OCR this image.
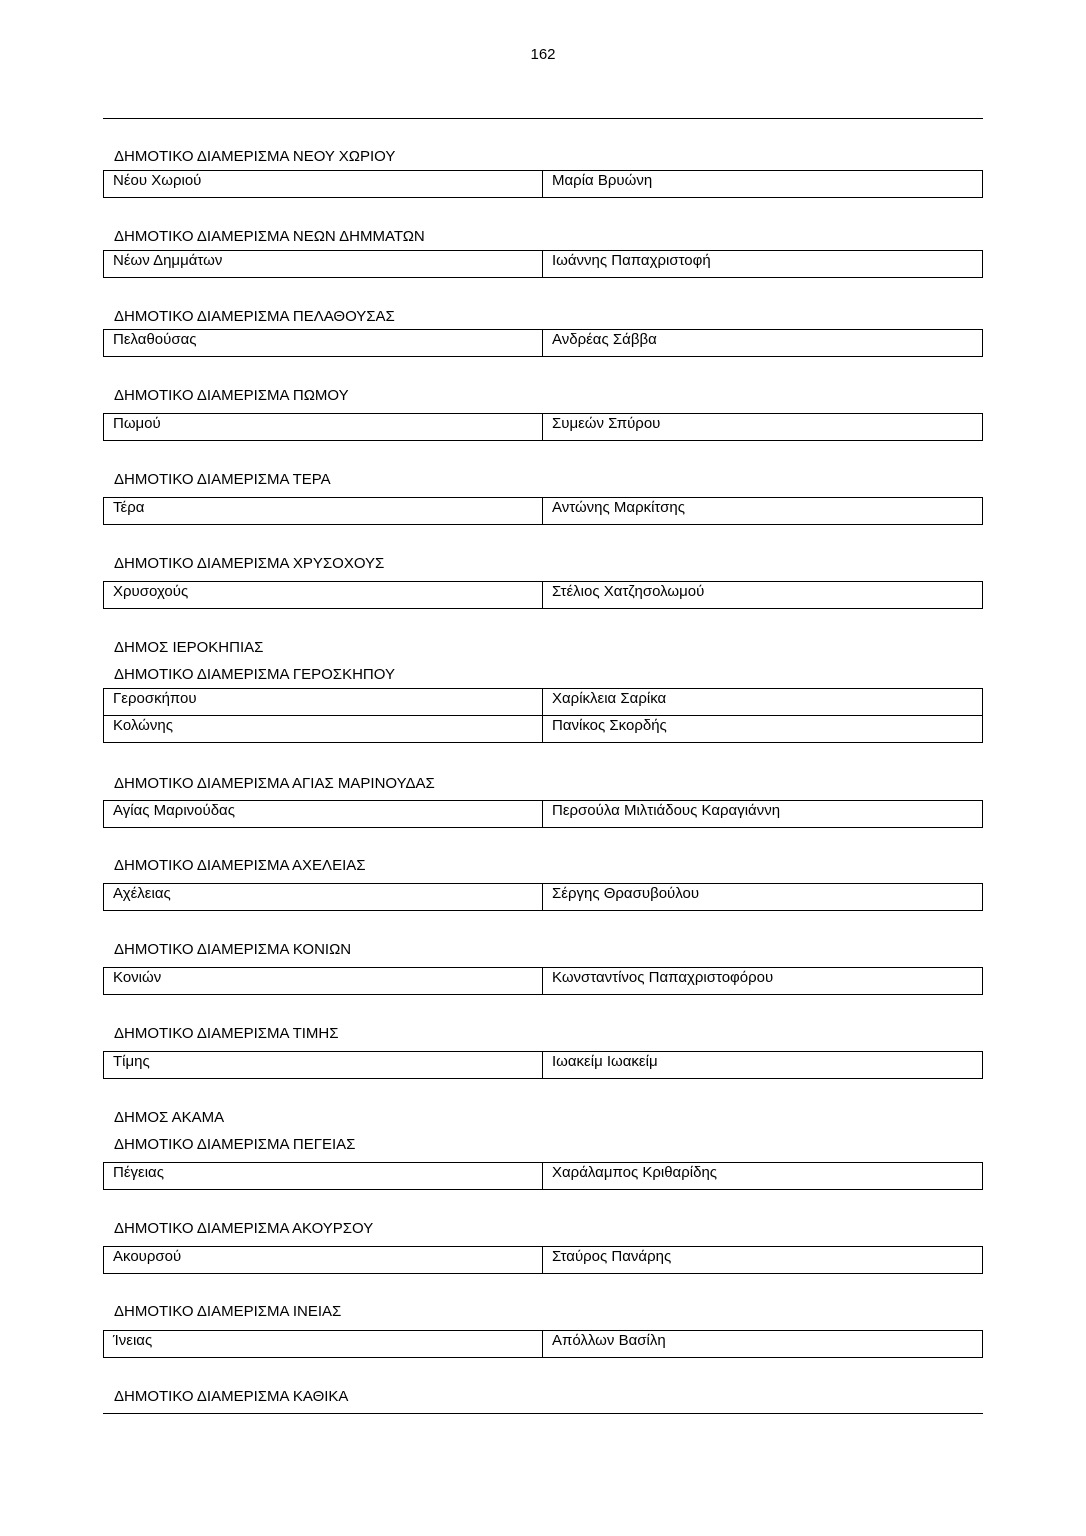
162
ΔΗΜΟΤΙΚΟ ΔΙΑΜΕΡΙΣΜΑ ΝΕΟΥ ΧΩΡΙΟΥ
Νέου Χωριού	Μαρία Βρυώνη
ΔΗΜΟΤΙΚΟ ΔΙΑΜΕΡΙΣΜΑ ΝΕΩΝ ΔΗΜΜΑΤΩΝ
Νέων Δημμάτων	Ιωάννης Παπαχριστοφή
ΔΗΜΟΤΙΚΟ ΔΙΑΜΕΡΙΣΜΑ ΠΕΛΑΘΟΥΣΑΣ
Πελαθούσας	Ανδρέας Σάββα
ΔΗΜΟΤΙΚΟ ΔΙΑΜΕΡΙΣΜΑ ΠΩΜΟΥ
Πωμού	Συμεών Σπύρου
ΔΗΜΟΤΙΚΟ ΔΙΑΜΕΡΙΣΜΑ ΤΕΡΑ
Τέρα	Αντώνης Μαρκίτσης
ΔΗΜΟΤΙΚΟ ΔΙΑΜΕΡΙΣΜΑ ΧΡΥΣΟΧΟΥΣ
Χρυσοχούς	Στέλιος Χατζησολωμού
ΔΗΜΟΣ ΙΕΡΟΚΗΠΙΑΣ
ΔΗΜΟΤΙΚΟ ΔΙΑΜΕΡΙΣΜΑ ΓΕΡΟΣΚΗΠΟΥ
Γεροσκήπου	Χαρίκλεια Σαρίκα
Κολώνης	Πανίκος Σκορδής
ΔΗΜΟΤΙΚΟ ΔΙΑΜΕΡΙΣΜΑ ΑΓΙΑΣ ΜΑΡΙΝΟΥΔΑΣ
Αγίας Μαρινούδας	Περσούλα Μιλτιάδους Καραγιάννη
ΔΗΜΟΤΙΚΟ ΔΙΑΜΕΡΙΣΜΑ ΑΧΕΛΕΙΑΣ
Αχέλειας	Σέργης Θρασυβούλου
ΔΗΜΟΤΙΚΟ ΔΙΑΜΕΡΙΣΜΑ ΚΟΝΙΩΝ
Κονιών	Κωνσταντίνος Παπαχριστοφόρου
ΔΗΜΟΤΙΚΟ ΔΙΑΜΕΡΙΣΜΑ ΤΙΜΗΣ
Τίμης	Ιωακείμ Ιωακείμ
ΔΗΜΟΣ ΑΚΑΜΑ
ΔΗΜΟΤΙΚΟ ΔΙΑΜΕΡΙΣΜΑ ΠΕΓΕΙΑΣ
Πέγειας	Χαράλαμπος Κριθαρίδης
ΔΗΜΟΤΙΚΟ ΔΙΑΜΕΡΙΣΜΑ ΑΚΟΥΡΣΟΥ
Ακουρσού	Σταύρος Πανάρης
ΔΗΜΟΤΙΚΟ ΔΙΑΜΕΡΙΣΜΑ ΙΝΕΙΑΣ
Ίνειας	Απόλλων Βασίλη
ΔΗΜΟΤΙΚΟ ΔΙΑΜΕΡΙΣΜΑ ΚΑΘΙΚΑ
